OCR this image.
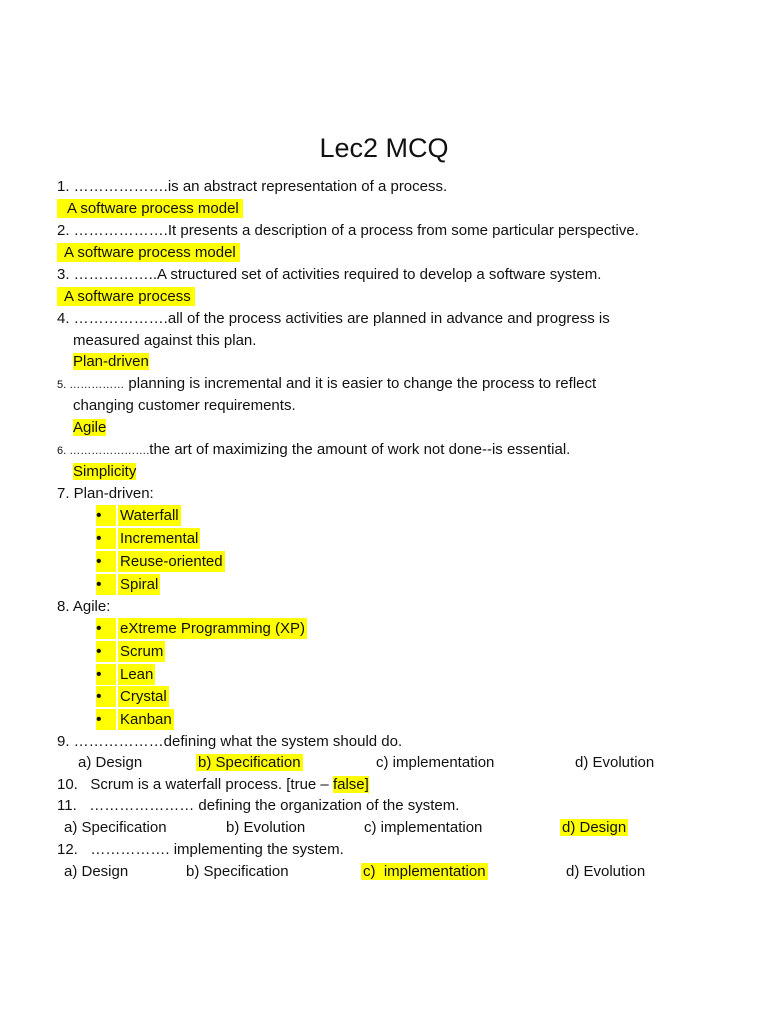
Lec2 MCQ
1. ……………….is an abstract representation of a process.
A software process model
2. ……………….It presents a description of a process from some particular perspective.
A software process model
3. ……………..A structured set of activities required to develop a software system.
A software process
4. ……………….all of the process activities are planned in advance and progress is
measured against this plan.
Plan-driven
5. …………… planning is incremental and it is easier to change the process to reflect
changing customer requirements.
Agile
6. ………………….the art of maximizing the amount of work not done--is essential.
Simplicity
7. Plan-driven:

•

	Waterfall

•

	Incremental

•

	Reuse-oriented

•

	Spiral

8. Agile:

•

	eXtreme Programming (XP)

•

	Scrum

•

	Lean

•

	Crystal

•

	Kanban

9. ………………defining what the system should do.
a) Design	b) Specification	c) implementation	d) Evolution
10.   Scrum is a waterfall process. [true – false]
11.   ………………… defining the organization of the system.
a) Specification	b) Evolution	c) implementation	d) Design
12.   ……………. implementing the system.
a) Design	b) Specification	c)  implementation	d) Evolution
